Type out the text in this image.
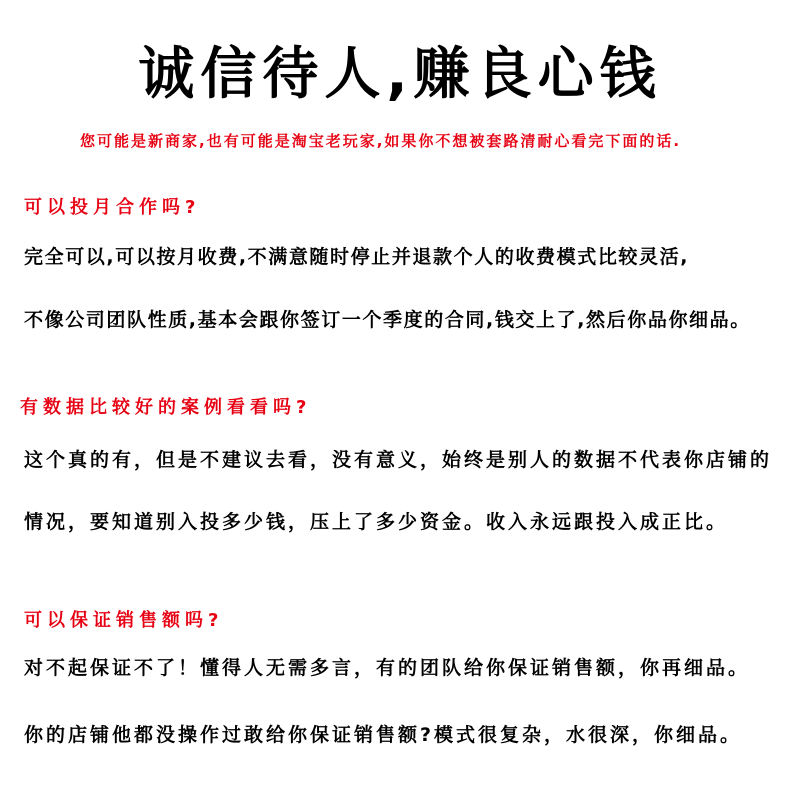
诚信待人,赚良心钱

您可能是新商家,也有可能是淘宝老玩家,如果你不想被套路清耐心看完下面的话.

可以投月合作吗?

完全可以,可以按月收费,不满意随时停止并退款个人的收费模式比较灵活,

不像公司团队性质,基本会跟你签订一个季度的合同,钱交上了,然后你品你细品。

有数据比较好的案例看看吗?

这个真的有，但是不建议去看，没有意义，始终是别人的数据不代表你店铺的

情况，要知道别入投多少钱，压上了多少资金。收入永远跟投入成正比。

可以保证销售额吗?

对不起保证不了！懂得人无需多言，有的团队给你保证销售额，你再细品。

你的店铺他都没操作过敢给你保证销售额?模式很复杂，水很深，你细品。
